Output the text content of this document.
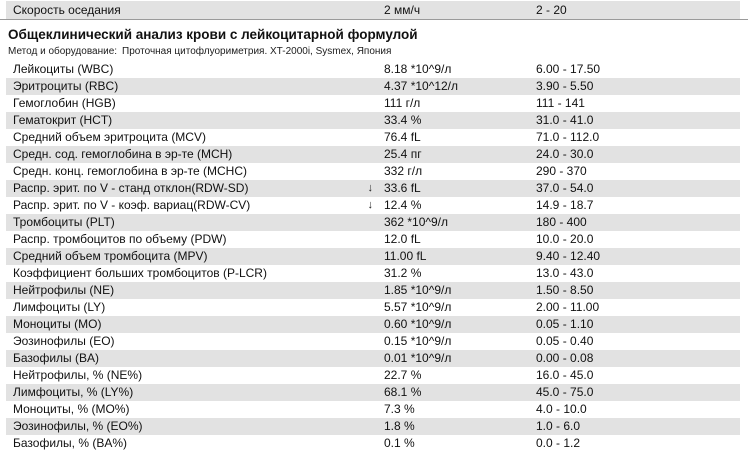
Скорость оседания	2 мм/ч	2 - 20
Общеклинический анализ крови с лейкоцитарной формулой
Метод и оборудование: Проточная цитофлуориметрия. XT-2000i, Sysmex, Япония
Лейкоциты (WBC)	8.18 *10^9/л	6.00 - 17.50
Эритроциты (RBC)	4.37 *10^12/л	3.90 - 5.50
Гемоглобин (HGB)	111 г/л	111 - 141
Гематокрит (HCT)	33.4 %	31.0 - 41.0
Средний объем эритроцита (MCV)	76.4 fL	71.0 - 112.0
Средн. сод. гемоглобина в эр-те (MCH)	25.4 пг	24.0 - 30.0
Средн. конц. гемоглобина в эр-те (MCHC)	332 г/л	290 - 370
Распр. эрит. по V - станд отклон(RDW-SD)	↓ 33.6 fL	37.0 - 54.0
Распр. эрит. по V - коэф. вариац(RDW-CV)	↓ 12.4 %	14.9 - 18.7
Тромбоциты (PLT)	362 *10^9/л	180 - 400
Распр. тромбоцитов по объему (PDW)	12.0 fL	10.0 - 20.0
Средний объем тромбоцита (MPV)	11.00 fL	9.40 - 12.40
Коэффициент больших тромбоцитов (P-LCR)	31.2 %	13.0 - 43.0
Нейтрофилы (NE)	1.85 *10^9/л	1.50 - 8.50
Лимфоциты (LY)	5.57 *10^9/л	2.00 - 11.00
Моноциты (MO)	0.60 *10^9/л	0.05 - 1.10
Эозинофилы (EO)	0.15 *10^9/л	0.05 - 0.40
Базофилы (BA)	0.01 *10^9/л	0.00 - 0.08
Нейтрофилы, % (NE%)	22.7 %	16.0 - 45.0
Лимфоциты, % (LY%)	68.1 %	45.0 - 75.0
Моноциты, % (MO%)	7.3 %	4.0 - 10.0
Эозинофилы, % (EO%)	1.8 %	1.0 - 6.0
Базофилы, % (BA%)	0.1 %	0.0 - 1.2
